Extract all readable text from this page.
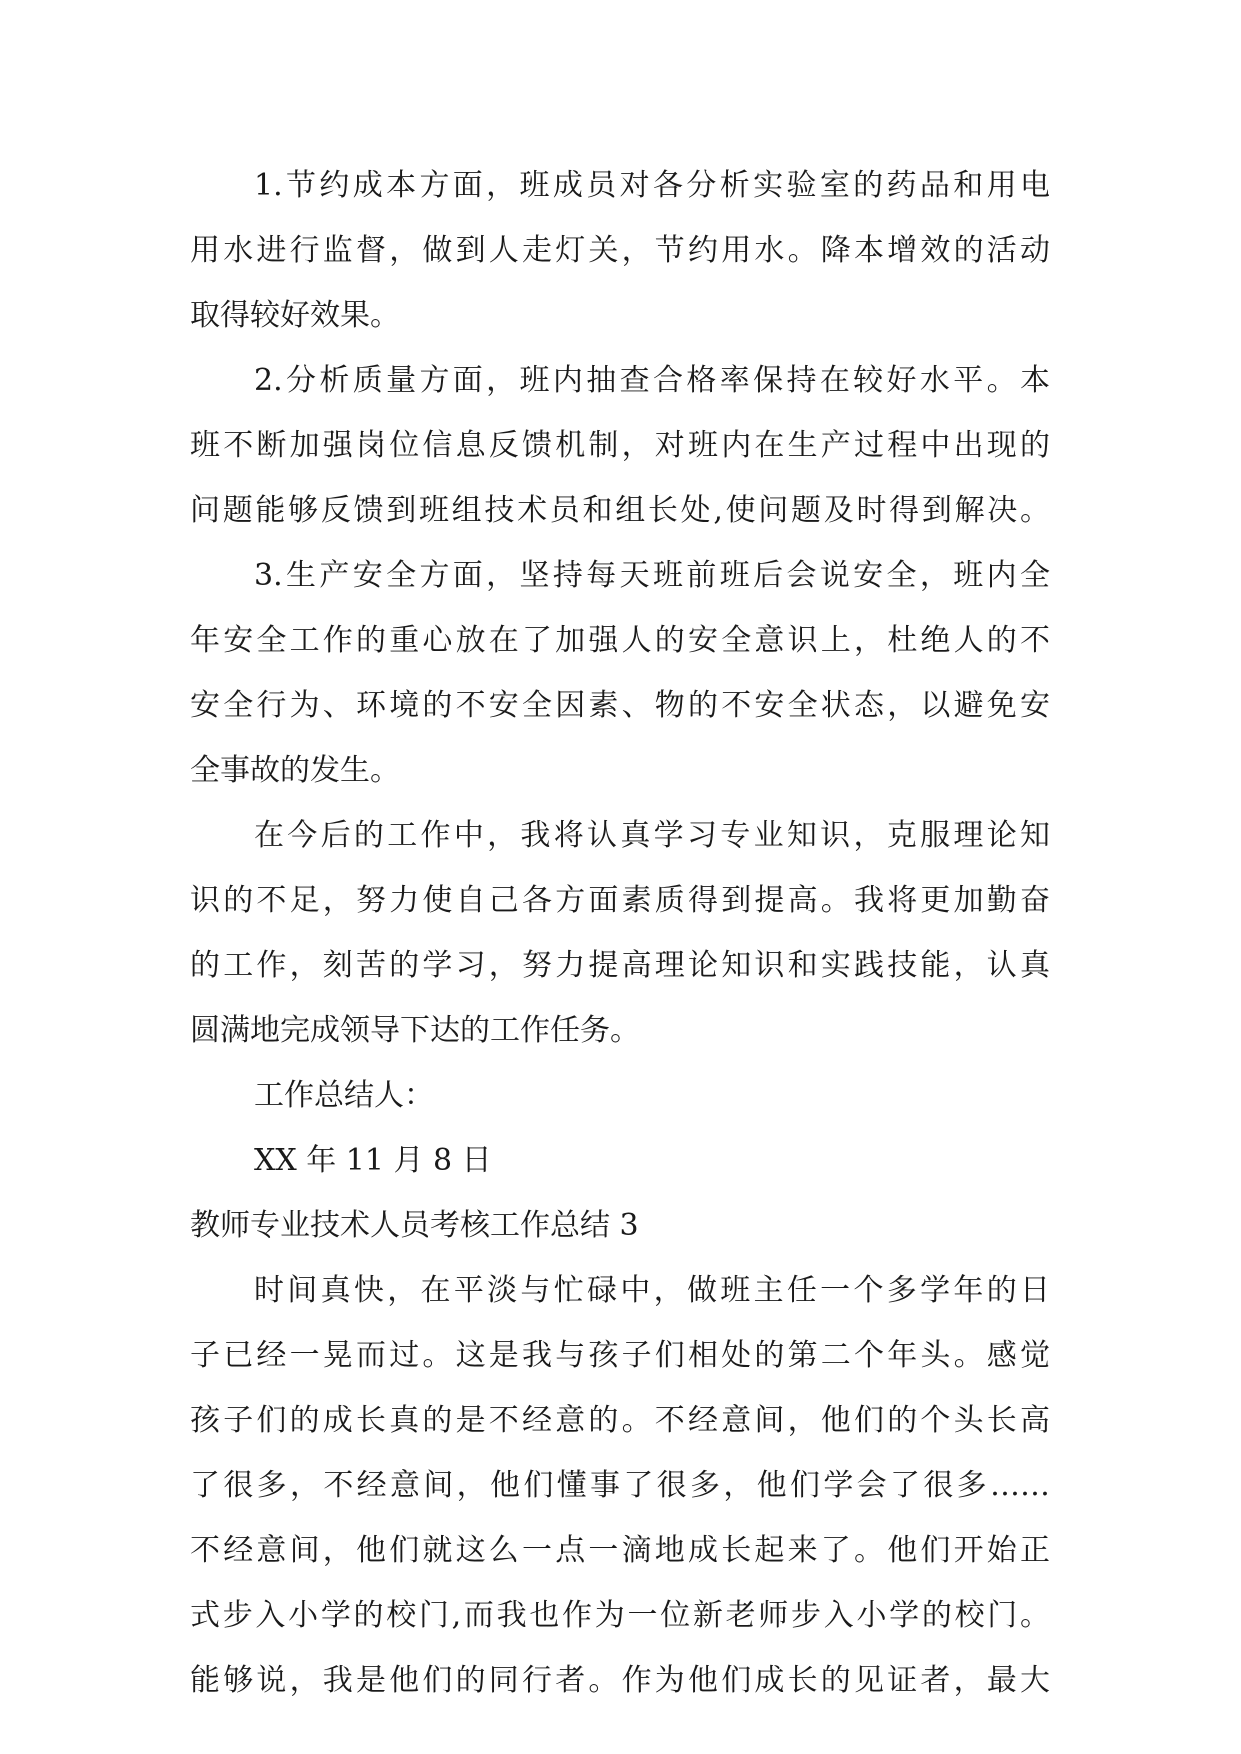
1.节约成本方面，班成员对各分析实验室的药品和用电
用水进行监督，做到人走灯关，节约用水。降本增效的活动
取得较好效果。
2.分析质量方面，班内抽查合格率保持在较好水平。本
班不断加强岗位信息反馈机制，对班内在生产过程中出现的
问题能够反馈到班组技术员和组长处,使问题及时得到解决。
3.生产安全方面，坚持每天班前班后会说安全，班内全
年安全工作的重心放在了加强人的安全意识上，杜绝人的不
安全行为、环境的不安全因素、物的不安全状态，以避免安
全事故的发生。
在今后的工作中，我将认真学习专业知识，克服理论知
识的不足，努力使自己各方面素质得到提高。我将更加勤奋
的工作，刻苦的学习，努力提高理论知识和实践技能，认真
圆满地完成领导下达的工作任务。
工作总结人：
XX 年 11 月 8 日
教师专业技术人员考核工作总结 3
时间真快，在平淡与忙碌中，做班主任一个多学年的日
子已经一晃而过。这是我与孩子们相处的第二个年头。感觉
孩子们的成长真的是不经意的。不经意间，他们的个头长高
了很多，不经意间，他们懂事了很多，他们学会了很多……
不经意间，他们就这么一点一滴地成长起来了。他们开始正
式步入小学的校门,而我也作为一位新老师步入小学的校门。
能够说，我是他们的同行者。作为他们成长的见证者，最大
